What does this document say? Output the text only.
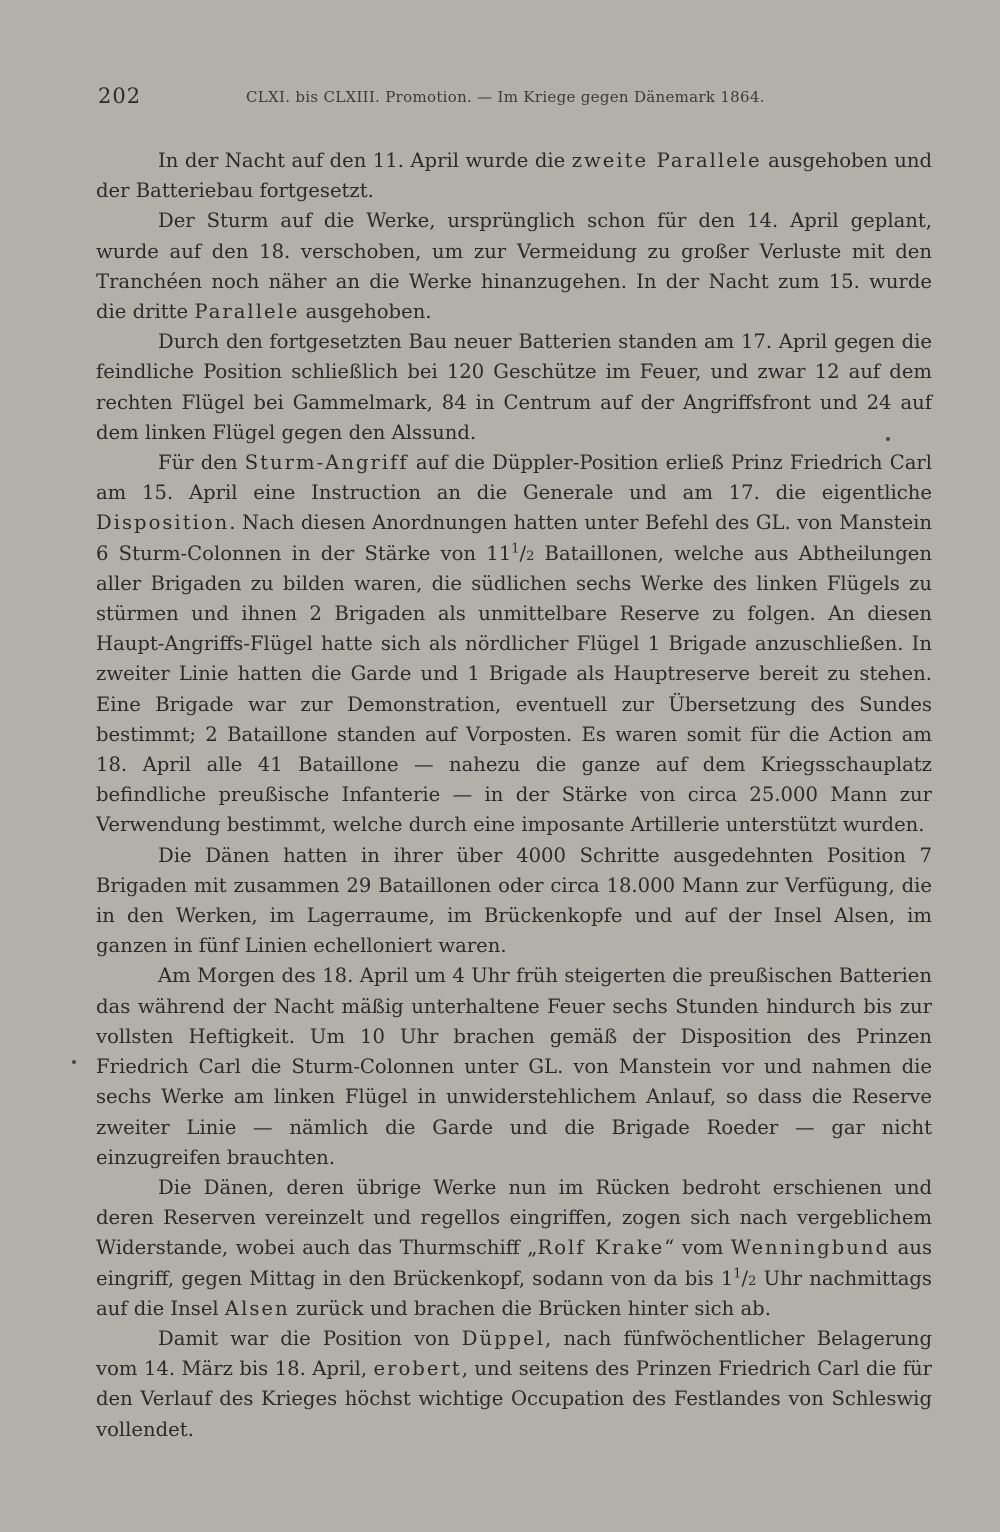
202	CLXI. bis CLXIII. Promotion. — Im Kriege gegen Dänemark 1864.

In der Nacht auf den 11. April wurde die zweite Parallele ausgehoben und der Batteriebau fortgesetzt.

Der Sturm auf die Werke, ursprünglich schon für den 14. April geplant, wurde auf den 18. verschoben, um zur Vermeidung zu großer Verluste mit den Tranchéen noch näher an die Werke hinanzugehen. In der Nacht zum 15. wurde die dritte Parallele ausgehoben.

Durch den fortgesetzten Bau neuer Batterien standen am 17. April gegen die feindliche Position schließlich bei 120 Geschütze im Feuer, und zwar 12 auf dem rechten Flügel bei Gammelmark, 84 in Centrum auf der Angriffsfront und 24 auf dem linken Flügel gegen den Alssund.

Für den Sturm-Angriff auf die Düppler-Position erließ Prinz Friedrich Carl am 15. April eine Instruction an die Generale und am 17. die eigentliche Disposition. Nach diesen Anordnungen hatten unter Befehl des GL. von Manstein 6 Sturm-Colonnen in der Stärke von $11^1/2$ Bataillonen, welche aus Abtheilungen aller Brigaden zu bilden waren, die südlichen sechs Werke des linken Flügels zu stürmen und ihnen 2 Brigaden als unmittelbare Reserve zu folgen. An diesen Haupt-Angriffs-Flügel hatte sich als nördlicher Flügel 1 Brigade anzuschließen. In zweiter Linie hatten die Garde und 1 Brigade als Hauptreserve bereit zu stehen. Eine Brigade war zur Demonstration, eventuell zur Übersetzung des Sundes bestimmt; 2 Bataillone standen auf Vorposten. Es waren somit für die Action am 18. April alle 41 Bataillone — nahezu die ganze auf dem Kriegsschauplatz befindliche preußische Infanterie — in der Stärke von circa 25.000 Mann zur Verwendung bestimmt, welche durch eine imposante Artillerie unterstützt wurden.

Die Dänen hatten in ihrer über 4000 Schritte ausgedehnten Position 7 Brigaden mit zusammen 29 Bataillonen oder circa 18.000 Mann zur Verfügung, die in den Werken, im Lagerraume, im Brückenkopfe und auf der Insel Alsen, im ganzen in fünf Linien echelloniert waren.

Am Morgen des 18. April um 4 Uhr früh steigerten die preußischen Batterien das während der Nacht mäßig unterhaltene Feuer sechs Stunden hindurch bis zur vollsten Heftigkeit. Um 10 Uhr brachen gemäß der Disposition des Prinzen Friedrich Carl die Sturm-Colonnen unter GL. von Manstein vor und nahmen die sechs Werke am linken Flügel in unwiderstehlichem Anlauf, so dass die Reserve zweiter Linie — nämlich die Garde und die Brigade Roeder — gar nicht einzugreifen brauchten.

Die Dänen, deren übrige Werke nun im Rücken bedroht erschienen und deren Reserven vereinzelt und regellos eingriffen, zogen sich nach vergeblichem Widerstande, wobei auch das Thurmschiff „Rolf Krake“ vom Wenningbund aus eingriff, gegen Mittag in den Brückenkopf, sodann von da bis $1^1/2$ Uhr nachmittags auf die Insel Alsen zurück und brachen die Brücken hinter sich ab.

Damit war die Position von Düppel, nach fünfwöchentlicher Belagerung vom 14. März bis 18. April, erobert, und seitens des Prinzen Friedrich Carl die für den Verlauf des Krieges höchst wichtige Occupation des Festlandes von Schleswig vollendet.
